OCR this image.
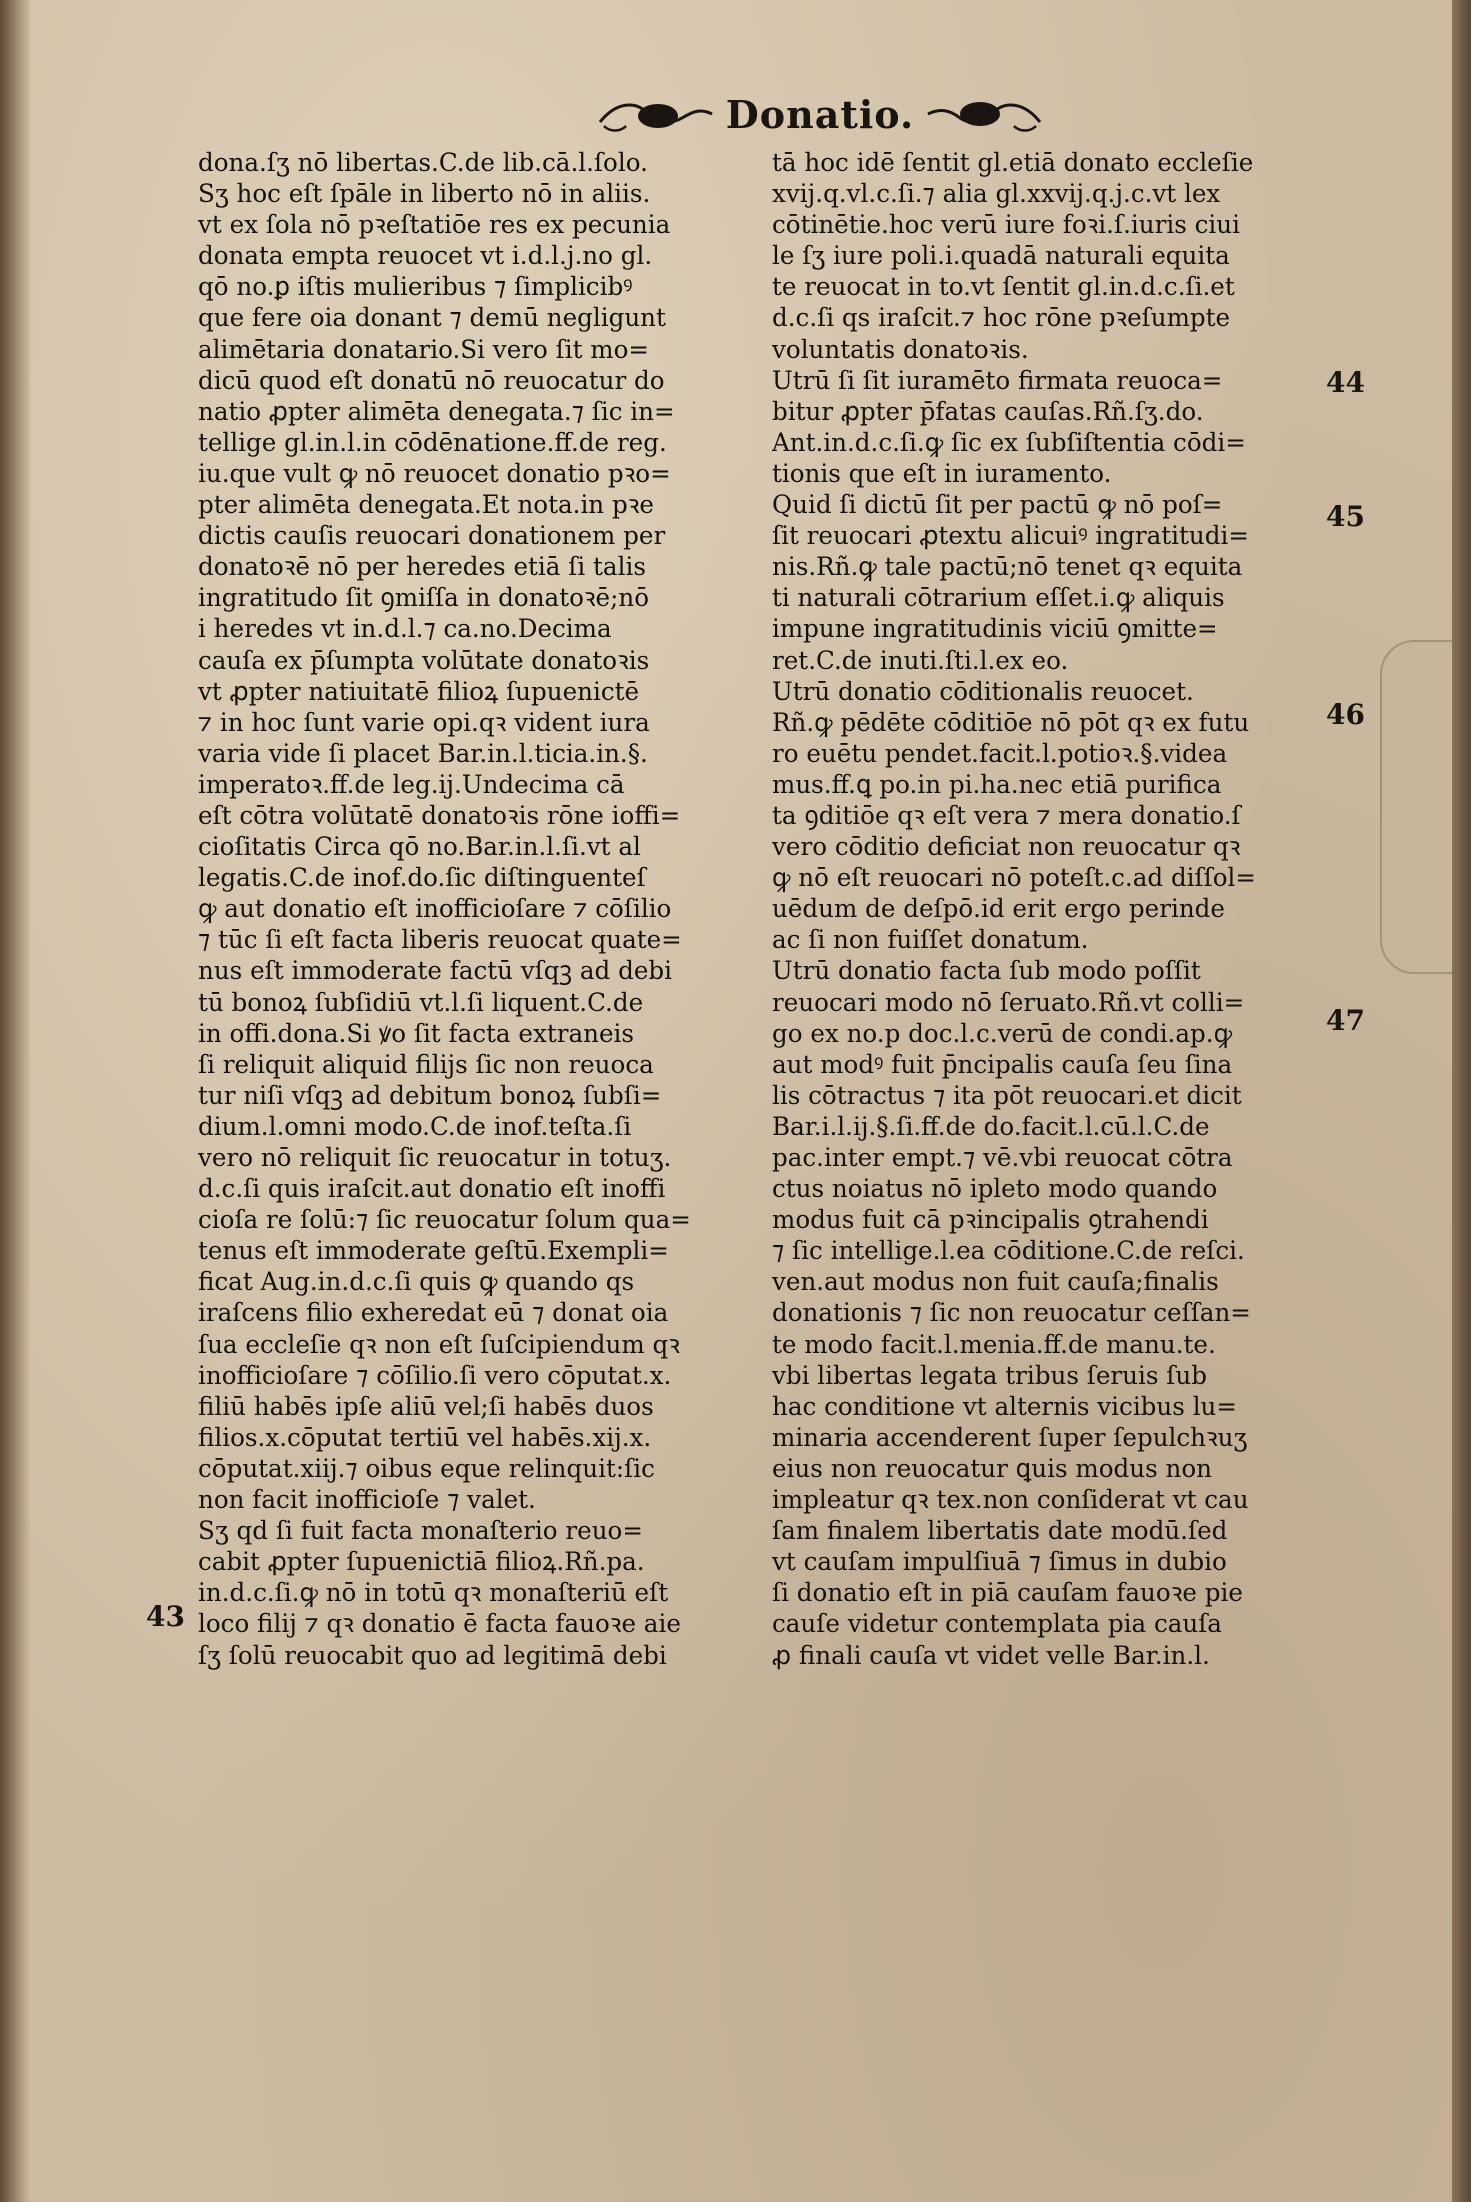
Donatio.
dona.ſʒ nō libertas.C.de lib.cā.l.ſolo.
Sʒ hoc eſt ſpāle in liberto nō in aliis.
vt ex ſola nō pꝛeſtatiōe res ex pecunia
donata empta reuocet vt i.d.l.j.no gl.
qō no.ꝑ iſtis mulieribus ⁊ ſimplicibꝰ
que fere oia donant ⁊ demū negligunt
alimētaria donatario.Si vero ſit mo=
dicū quod eſt donatū nō reuocatur do
natio ꝓpter alimēta denegata.⁊ ſic in=
tellige gl.in.l.in cōdēnatione.ff.de reg.
iu.que vult ꝙ nō reuocet donatio pꝛo=
pter alimēta denegata.Et nota.in pꝛe
dictis cauſis reuocari donationem per
donatoꝛē nō per heredes etiā ſi talis
ingratitudo ſit ꝯmiſſa in donatoꝛē;nō
i heredes vt in.d.l.⁊ ca.no.Decima
cauſa ex p̄ſumpta volūtate donatoꝛis
vt ꝓpter natiuitatē filioꝝ ſupuenictē
⁊ in hoc ſunt varie opi.qꝛ vident iura
varia vide ſi placet Bar.in.l.ticia.in.§.
imperatoꝛ.ff.de leg.ij.Undecima cā
eſt cōtra volūtatē donatoꝛis rōne ioffi=
cioſitatis Circa qō no.Bar.in.l.ſi.vt al
legatis.C.de inof.do.ſic diſtinguenteſ
ꝙ aut donatio eſt inofficioſare ⁊ cōſilio
⁊ tūc ſi eſt facta liberis reuocat quate=
nus eſt immoderate factū vſqꝫ ad debi
tū bonoꝝ ſubſidiū vt.l.ſi liquent.C.de
in offi.dona.Si ꝟo ſit facta extraneis
ſi reliquit aliquid filijs ſic non reuoca
tur niſi vſqꝫ ad debitum bonoꝝ ſubſi=
dium.l.omni modo.C.de inof.teſta.ſi
vero nō reliquit ſic reuocatur in totuʒ.
d.c.ſi quis iraſcit.aut donatio eſt inoffi
cioſa re ſolū:⁊ ſic reuocatur ſolum qua=
tenus eſt immoderate geſtū.Exempli=
ficat Aug.in.d.c.ſi quis ꝙ quando qs
iraſcens filio exheredat eū ⁊ donat oia
ſua eccleſie qꝛ non eſt ſuſcipiendum qꝛ
inofficioſare ⁊ cōſilio.ſi vero cōputat.x.
filiū habēs ipſe aliū vel;ſi habēs duos
filios.x.cōputat tertiū vel habēs.xij.x.
cōputat.xiij.⁊ oibus eque relinquit:ſic
non facit inofficioſe ⁊ valet.
Sʒ qd ſi fuit facta monaſterio reuo=
cabit ꝓpter ſupuenictiā filioꝝ.Rñ.pa.
in.d.c.ſi.ꝙ nō in totū qꝛ monaſteriū eſt
loco filij ⁊ qꝛ donatio ē facta fauoꝛe aie
ſʒ ſolū reuocabit quo ad legitimā debi
tā hoc idē ſentit gl.etiā donato eccleſie
xvij.q.vl.c.ſi.⁊ alia gl.xxvij.q.j.c.vt lex
cōtinētie.hoc verū iure foꝛi.ſ.iuris ciui
le ſʒ iure poli.i.quadā naturali equita
te reuocat in to.vt ſentit gl.in.d.c.ſi.et
d.c.ſi qs iraſcit.⁊ hoc rōne pꝛeſumpte
voluntatis donatoꝛis.
Utrū ſi ſit iuramēto firmata reuoca=
bitur ꝓpter p̄fatas cauſas.Rñ.ſʒ.do.
Ant.in.d.c.ſi.ꝙ ſic ex ſubſiſtentia cōdi=
tionis que eſt in iuramento.
Quid ſi dictū ſit per pactū ꝙ nō poſ=
ſit reuocari ꝓtextu alicuiꝰ ingratitudi=
nis.Rñ.ꝙ tale pactū;nō tenet qꝛ equita
ti naturali cōtrarium eſſet.i.ꝙ aliquis
impune ingratitudinis viciū ꝯmitte=
ret.C.de inuti.ſti.l.ex eo.
Utrū donatio cōditionalis reuocet.
Rñ.ꝙ pēdēte cōditiōe nō pōt qꝛ ex futu
ro euētu pendet.facit.l.potioꝛ.§.videa
mus.ff.ꝗ po.in pi.ha.nec etiā purifica
ta ꝯditiōe qꝛ eſt vera ⁊ mera donatio.ſ
vero cōditio deficiat non reuocatur qꝛ
ꝙ nō eſt reuocari nō poteſt.c.ad diſſol=
uēdum de deſpō.id erit ergo perinde
ac ſi non fuiſſet donatum.
Utrū donatio facta ſub modo poſſit
reuocari modo nō ſeruato.Rñ.vt colli=
go ex no.p doc.l.c.verū de condi.ap.ꝙ
aut modꝰ fuit p̄ncipalis cauſa ſeu ſina
lis cōtractus ⁊ ita pōt reuocari.et dicit
Bar.i.l.ij.§.ſi.ff.de do.facit.l.cū.l.C.de
pac.inter empt.⁊ vē.vbi reuocat cōtra
ctus noiatus nō ipleto modo quando
modus fuit cā pꝛincipalis ꝯtrahendi
⁊ ſic intellige.l.ea cōditione.C.de reſci.
ven.aut modus non fuit cauſa;finalis
donationis ⁊ ſic non reuocatur ceſſan=
te modo facit.l.menia.ff.de manu.te.
vbi libertas legata tribus ſeruis ſub
hac conditione vt alternis vicibus lu=
minaria accenderent ſuper ſepulchꝛuʒ
eius non reuocatur ꝗuis modus non
impleatur qꝛ tex.non conſiderat vt cau
ſam finalem libertatis date modū.ſed
vt cauſam impulſiuā ⁊ ſimus in dubio
ſi donatio eſt in piā cauſam fauoꝛe pie
cauſe videtur contemplata pia cauſa
ꝓ finali cauſa vt videt velle Bar.in.l.
43
44
45
46
47
